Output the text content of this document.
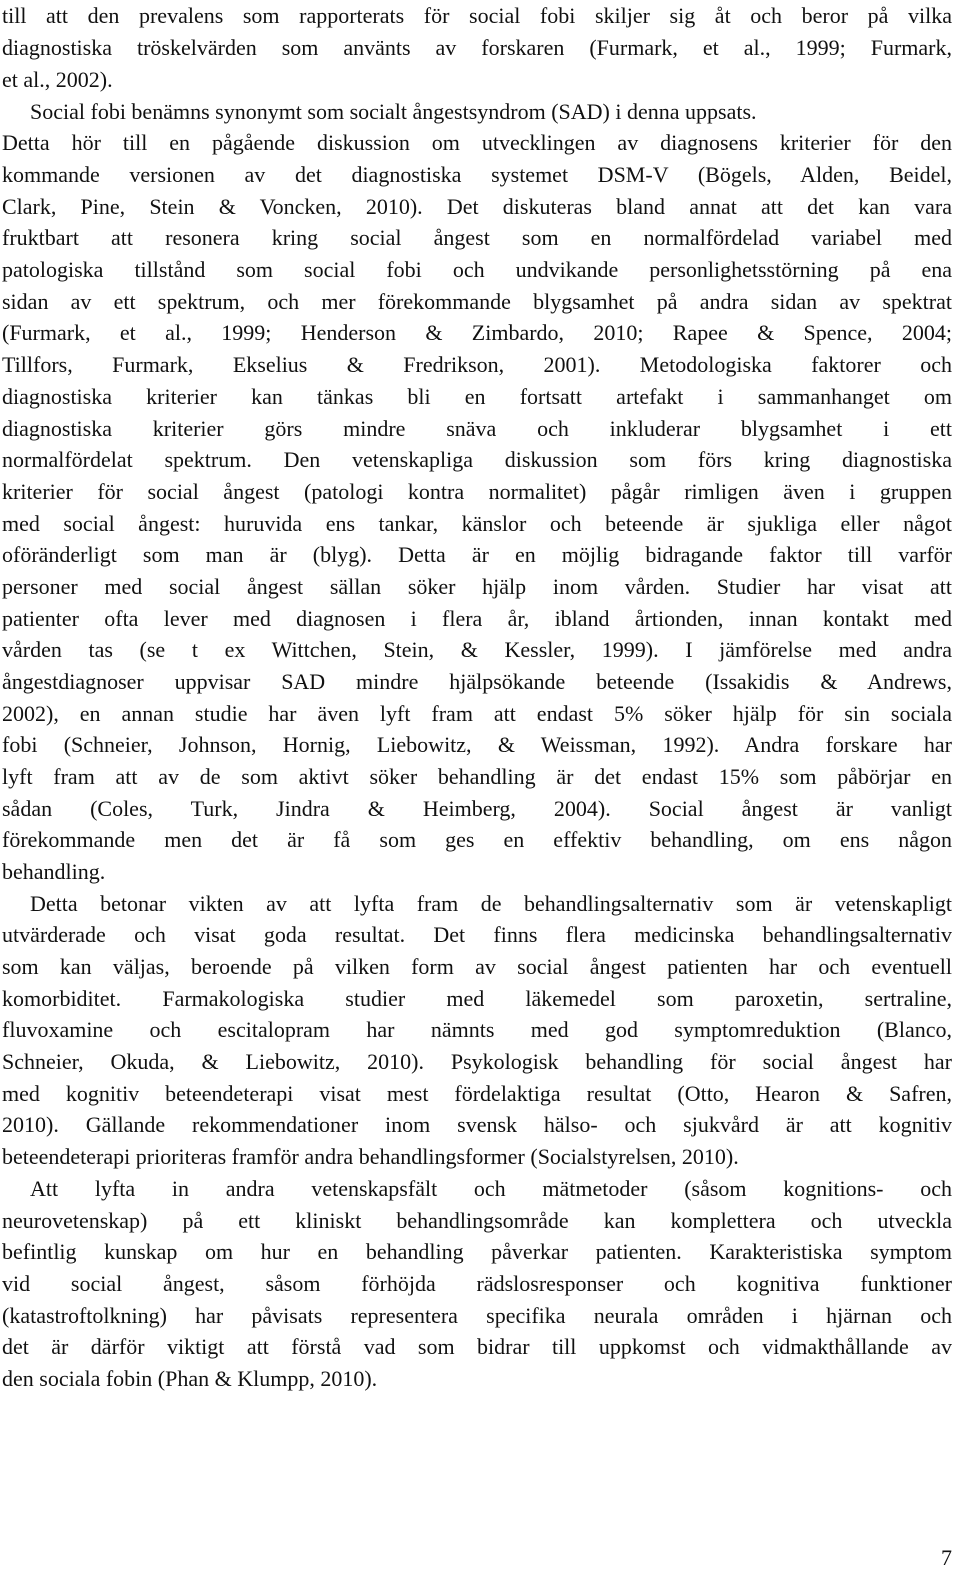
till att den prevalens som rapporterats för social fobi skiljer sig åt och beror på vilka
diagnostiska tröskelvärden som använts av forskaren (Furmark, et al., 1999; Furmark,
et al., 2002).
Social fobi benämns synonymt som socialt ångestsyndrom (SAD) i denna uppsats.
Detta hör till en pågående diskussion om utvecklingen av diagnosens kriterier för den
kommande versionen av det diagnostiska systemet DSM-V (Bögels, Alden, Beidel,
Clark, Pine, Stein & Voncken, 2010). Det diskuteras bland annat att det kan vara
fruktbart att resonera kring social ångest som en normalfördelad variabel med
patologiska tillstånd som social fobi och undvikande personlighetsstörning på ena
sidan av ett spektrum, och mer förekommande blygsamhet på andra sidan av spektrat
(Furmark, et al., 1999; Henderson & Zimbardo, 2010; Rapee & Spence, 2004;
Tillfors, Furmark, Ekselius & Fredrikson, 2001). Metodologiska faktorer och
diagnostiska kriterier kan tänkas bli en fortsatt artefakt i sammanhanget om
diagnostiska kriterier görs mindre snäva och inkluderar blygsamhet i ett
normalfördelat spektrum. Den vetenskapliga diskussion som förs kring diagnostiska
kriterier för social ångest (patologi kontra normalitet) pågår rimligen även i gruppen
med social ångest: huruvida ens tankar, känslor och beteende är sjukliga eller något
oföränderligt som man är (blyg). Detta är en möjlig bidragande faktor till varför
personer med social ångest sällan söker hjälp inom vården. Studier har visat att
patienter ofta lever med diagnosen i flera år, ibland årtionden, innan kontakt med
vården tas (se t ex Wittchen, Stein, & Kessler, 1999). I jämförelse med andra
ångestdiagnoser uppvisar SAD mindre hjälpsökande beteende (Issakidis & Andrews,
2002), en annan studie har även lyft fram att endast 5% söker hjälp för sin sociala
fobi (Schneier, Johnson, Hornig, Liebowitz, & Weissman, 1992). Andra forskare har
lyft fram att av de som aktivt söker behandling är det endast 15% som påbörjar en
sådan (Coles, Turk, Jindra & Heimberg, 2004). Social ångest är vanligt
förekommande men det är få som ges en effektiv behandling, om ens någon
behandling.
Detta betonar vikten av att lyfta fram de behandlingsalternativ som är vetenskapligt
utvärderade och visat goda resultat. Det finns flera medicinska behandlingsalternativ
som kan väljas, beroende på vilken form av social ångest patienten har och eventuell
komorbiditet. Farmakologiska studier med läkemedel som paroxetin, sertraline,
fluvoxamine och escitalopram har nämnts med god symptomreduktion (Blanco,
Schneier, Okuda, & Liebowitz, 2010). Psykologisk behandling för social ångest har
med kognitiv beteendeterapi visat mest fördelaktiga resultat (Otto, Hearon & Safren,
2010). Gällande rekommendationer inom svensk hälso- och sjukvård är att kognitiv
beteendeterapi prioriteras framför andra behandlingsformer (Socialstyrelsen, 2010).
Att lyfta in andra vetenskapsfält och mätmetoder (såsom kognitions- och
neurovetenskap) på ett kliniskt behandlingsområde kan komplettera och utveckla
befintlig kunskap om hur en behandling påverkar patienten. Karakteristiska symptom
vid social ångest, såsom förhöjda rädslosresponser och kognitiva funktioner
(katastroftolkning) har påvisats representera specifika neurala områden i hjärnan och
det är därför viktigt att förstå vad som bidrar till uppkomst och vidmakthållande av
den sociala fobin (Phan & Klumpp, 2010).
7
